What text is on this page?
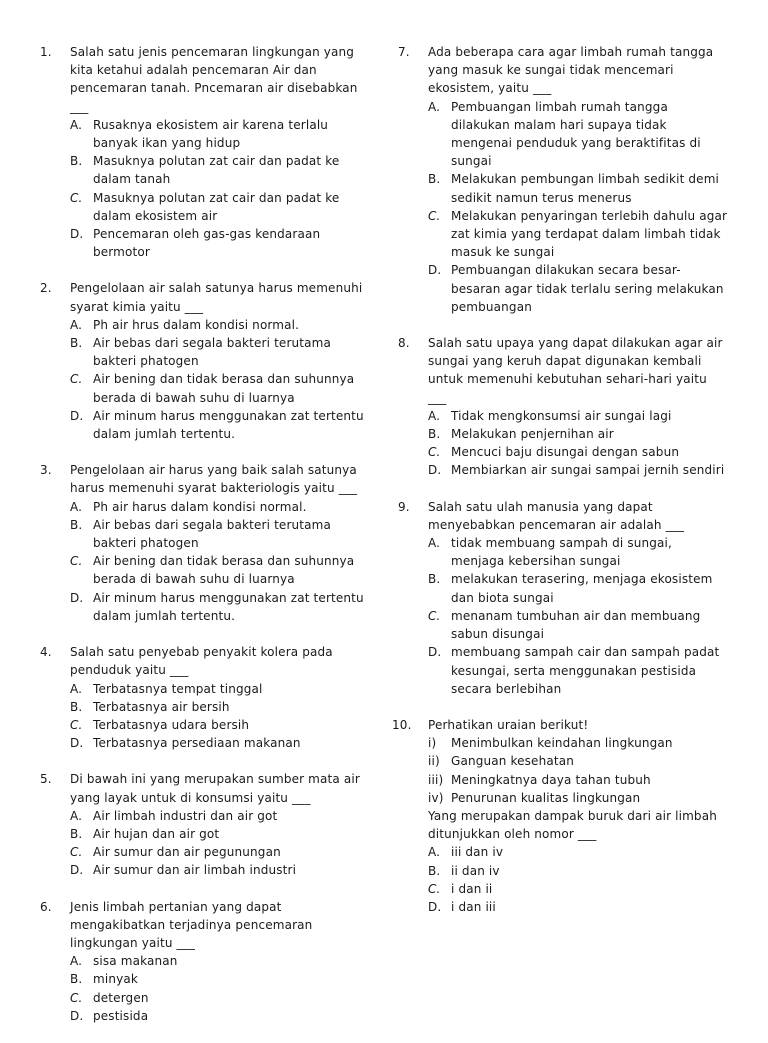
1. Salah satu jenis pencemaran lingkungan yang kita ketahui adalah pencemaran Air dan pencemaran tanah. Pncemaran air disebabkan ___
A. Rusaknya ekosistem air karena terlalu banyak ikan yang hidup
B. Masuknya polutan zat cair dan padat ke dalam tanah
C. Masuknya polutan zat cair dan padat ke dalam ekosistem air
D. Pencemaran oleh gas-gas kendaraan bermotor
2. Pengelolaan air salah satunya harus memenuhi syarat kimia yaitu ___
A. Ph air hrus dalam kondisi normal.
B. Air bebas dari segala bakteri terutama bakteri phatogen
C. Air bening dan tidak berasa dan suhunnya berada di bawah suhu di luarnya
D. Air minum harus menggunakan zat tertentu dalam jumlah tertentu.
3. Pengelolaan air harus yang baik salah satunya harus memenuhi syarat bakteriologis yaitu ___
A. Ph air harus dalam kondisi normal.
B. Air bebas dari segala bakteri terutama bakteri phatogen
C. Air bening dan tidak berasa dan suhunnya berada di bawah suhu di luarnya
D. Air minum harus menggunakan zat tertentu dalam jumlah tertentu.
4. Salah satu penyebab penyakit kolera pada penduduk yaitu ___
A. Terbatasnya tempat tinggal
B. Terbatasnya air bersih
C. Terbatasnya udara bersih
D. Terbatasnya persediaan makanan
5. Di bawah ini yang merupakan sumber mata air yang layak untuk di konsumsi yaitu ___
A. Air limbah industri dan air got
B. Air hujan dan air got
C. Air sumur dan air pegunungan
D. Air sumur dan air limbah industri
6. Jenis limbah pertanian yang dapat mengakibatkan terjadinya pencemaran lingkungan yaitu ___
A. sisa makanan
B. minyak
C. detergen
D. pestisida
7. Ada beberapa cara agar limbah rumah tangga yang masuk ke sungai tidak mencemari ekosistem, yaitu ___
A. Pembuangan limbah rumah tangga dilakukan malam hari supaya tidak mengenai penduduk yang beraktifitas di sungai
B. Melakukan pembungan limbah sedikit demi sedikit namun terus menerus
C. Melakukan penyaringan terlebih dahulu agar zat kimia yang terdapat dalam limbah tidak masuk ke sungai
D. Pembuangan dilakukan secara besar-besaran agar tidak terlalu sering melakukan pembuangan
8. Salah satu upaya yang dapat dilakukan agar air sungai yang keruh dapat digunakan kembali untuk memenuhi kebutuhan sehari-hari yaitu ___
A. Tidak mengkonsumsi air sungai lagi
B. Melakukan penjernihan air
C. Mencuci baju disungai dengan sabun
D. Membiarkan air sungai sampai jernih sendiri
9. Salah satu ulah manusia yang dapat menyebabkan pencemaran air adalah ___
A. tidak membuang sampah di sungai, menjaga kebersihan sungai
B. melakukan terasering, menjaga ekosistem dan biota sungai
C. menanam tumbuhan air dan membuang sabun disungai
D. membuang sampah cair dan sampah padat kesungai, serta menggunakan pestisida secara berlebihan
10. Perhatikan uraian berikut!
i) Menimbulkan keindahan lingkungan
ii) Ganguan kesehatan
iii) Meningkatnya daya tahan tubuh
iv) Penurunan kualitas lingkungan
Yang merupakan dampak buruk dari air limbah ditunjukkan oleh nomor ___
A. iii dan iv
B. ii dan iv
C. i dan ii
D. i dan iii
